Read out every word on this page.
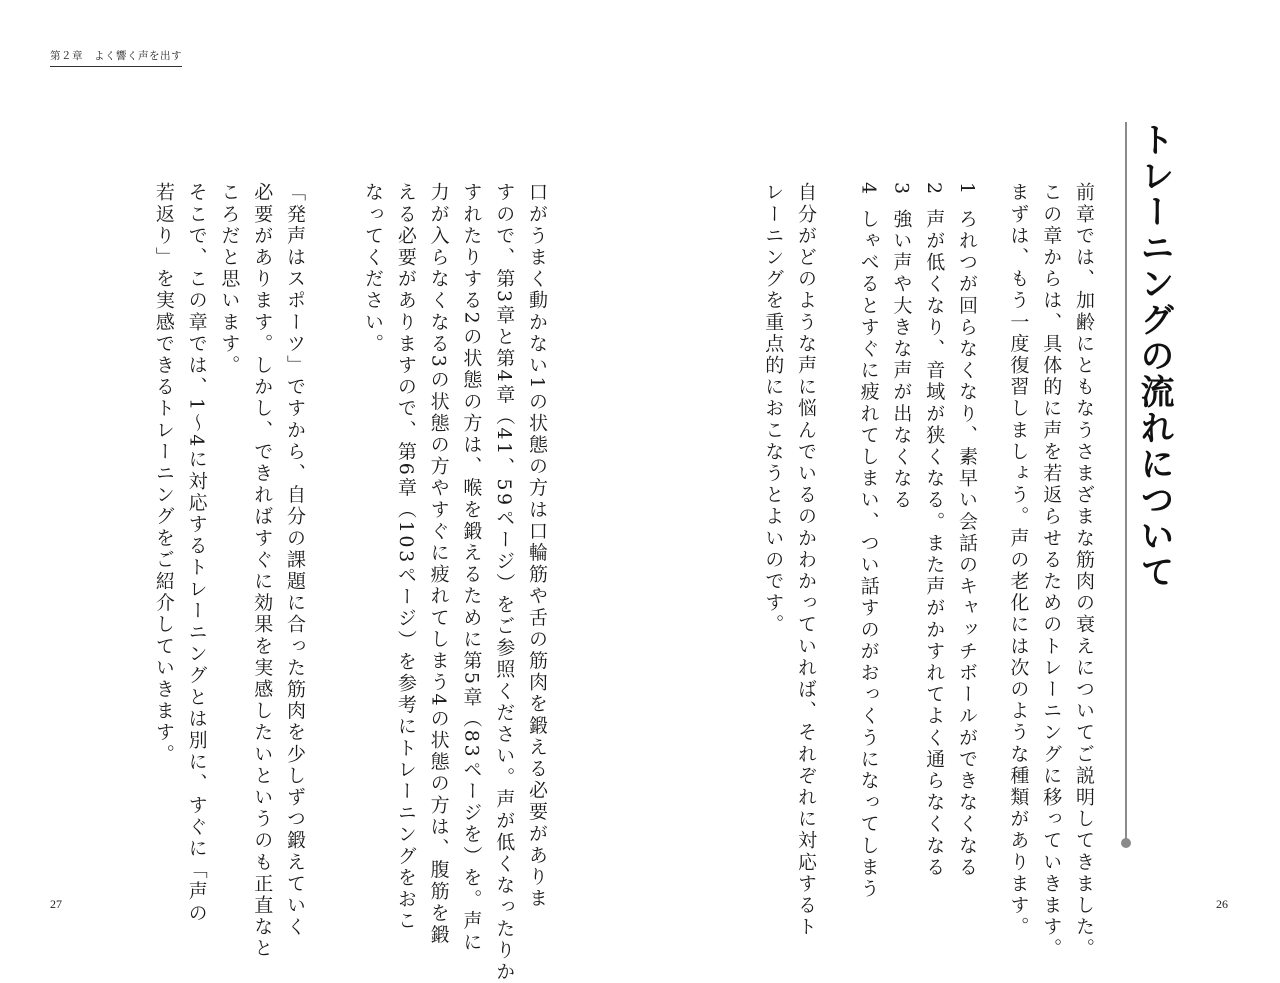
第２章　よく響く声を出す
口がうまく動かない1の状態の方は口輪筋や舌の筋肉を鍛える必要がありま
すので、第3章と第4章（41、59ページ）をご参照ください。声が低くなったりか
すれたりする2の状態の方は、喉を鍛えるために第5章（83ページを）を。声に
力が入らなくなる3の状態の方やすぐに疲れてしまう4の状態の方は、腹筋を鍛
える必要がありますので、第6章（103ページ）を参考にトレーニングをおこ
なってください。
「発声はスポーツ」ですから、自分の課題に合った筋肉を少しずつ鍛えていく
必要があります。しかし、できればすぐに効果を実感したいというのも正直なと
ころだと思います。
そこで、この章では、1～4に対応するトレーニングとは別に、すぐに「声の
若返り」を実感できるトレーニングをご紹介していきます。
27
トレーニングの流れについて
前章では、加齢にともなうさまざまな筋肉の衰えについてご説明してきました。
この章からは、具体的に声を若返らせるためのトレーニングに移っていきます。
まずは、もう一度復習しましょう。声の老化には次のような種類があります。
1ろれつが回らなくなり、素早い会話のキャッチボールができなくなる
2声が低くなり、音域が狭くなる。また声がかすれてよく通らなくなる
3強い声や大きな声が出なくなる
4しゃべるとすぐに疲れてしまい、つい話すのがおっくうになってしまう
自分がどのような声に悩んでいるのかわかっていれば、それぞれに対応するト
レーニングを重点的におこなうとよいのです。
26
